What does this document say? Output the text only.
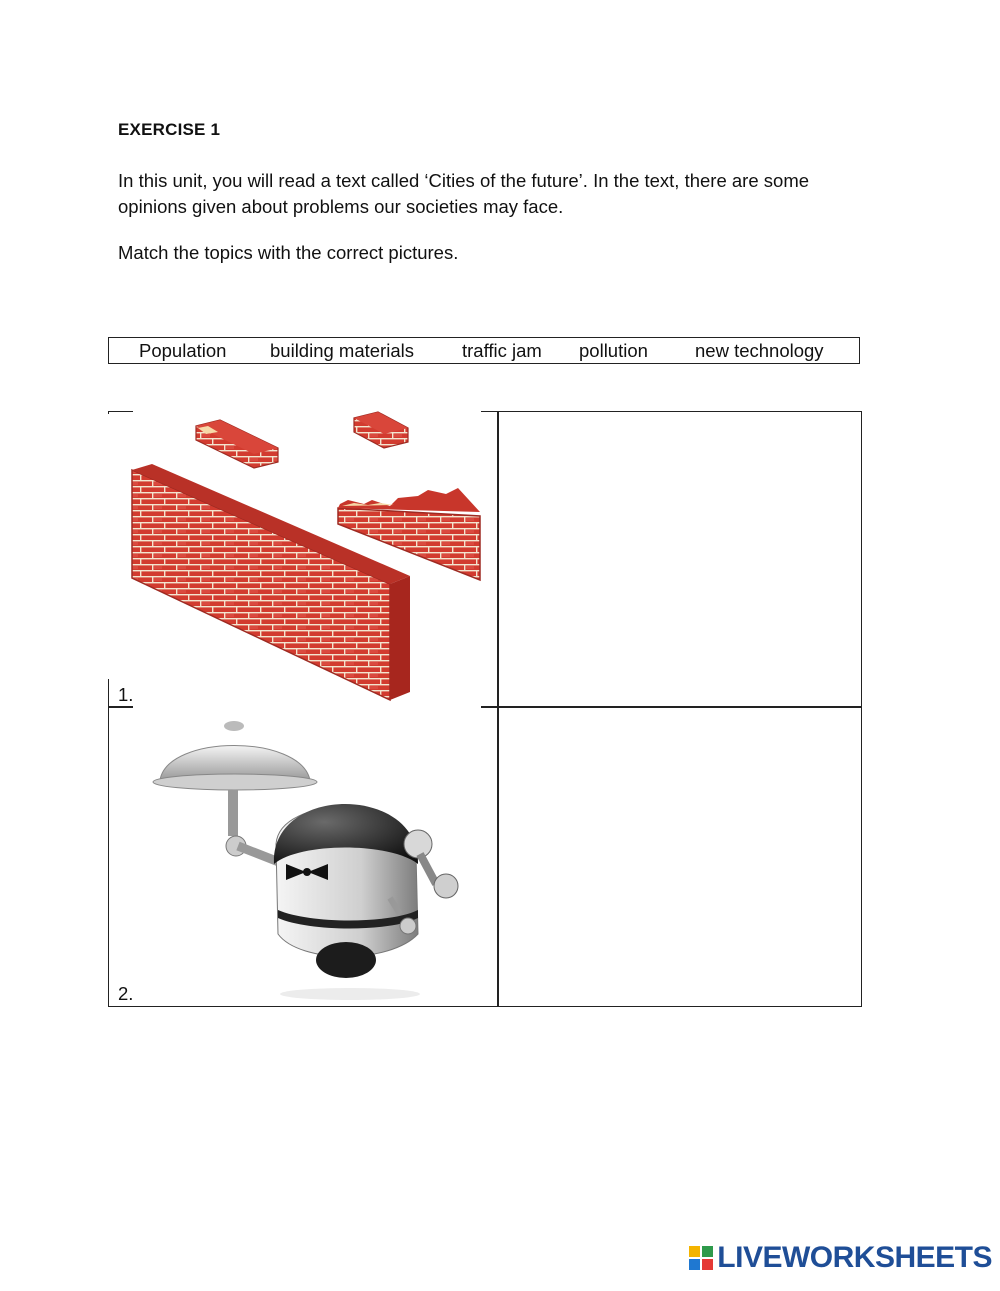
EXERCISE 1
In this unit, you will read a text called ‘Cities of the future’. In the text, there are some opinions given about problems our societies may face.
Match the topics with the correct pictures.
Population building materials	traffic jam pollution	new technology
1.
2.
LIVEWORKSHEETS
